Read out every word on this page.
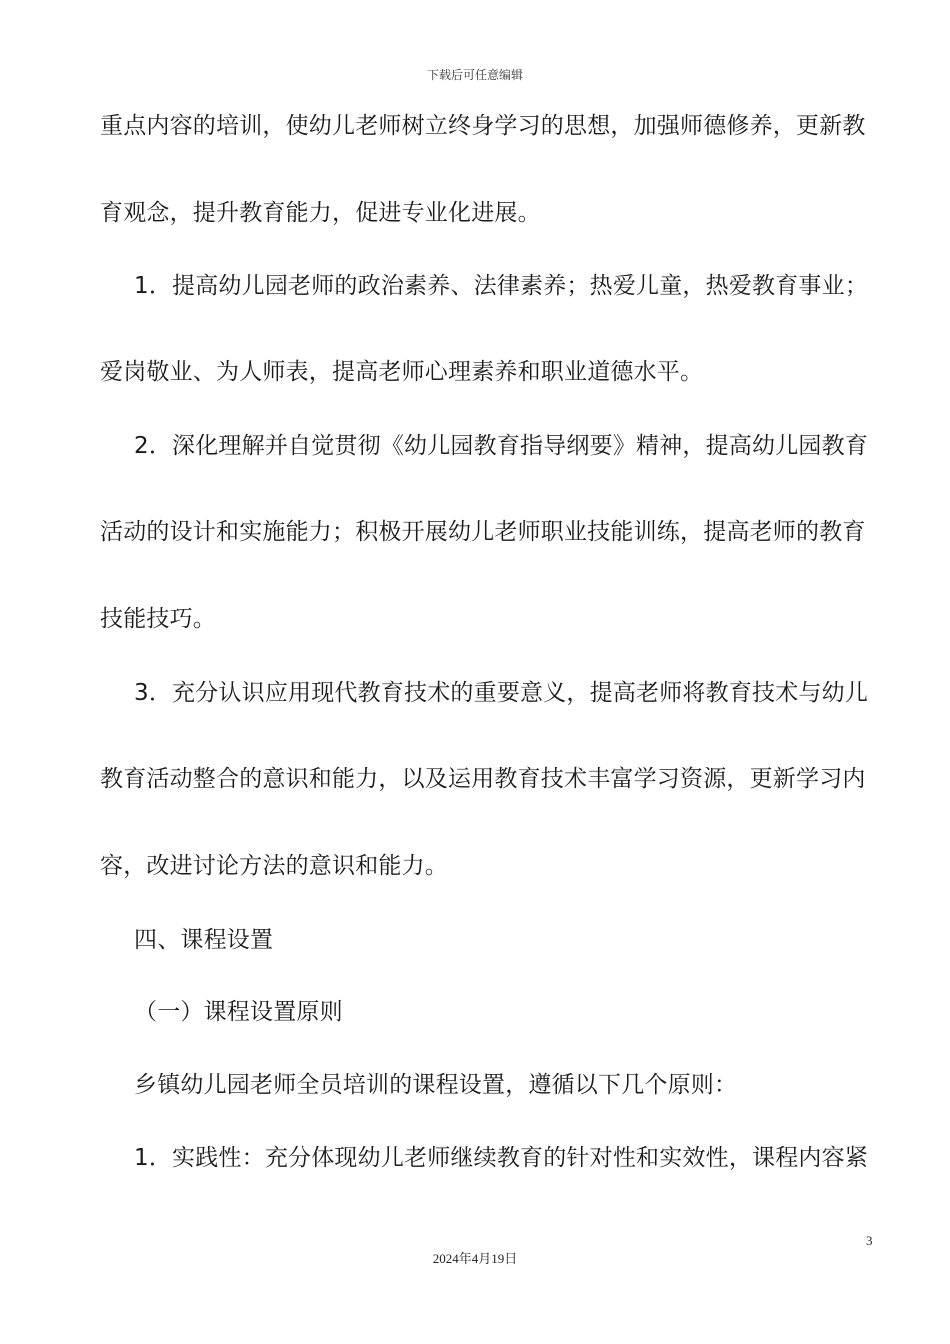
下载后可任意编辑
重点内容的培训，使幼儿老师树立终身学习的思想，加强师德修养，更新教
育观念，提升教育能力，促进专业化进展。
1．提高幼儿园老师的政治素养、法律素养；热爱儿童，热爱教育事业；
爱岗敬业、为人师表，提高老师心理素养和职业道德水平。
2．深化理解并自觉贯彻《幼儿园教育指导纲要》精神，提高幼儿园教育
活动的设计和实施能力；积极开展幼儿老师职业技能训练，提高老师的教育
技能技巧。
3．充分认识应用现代教育技术的重要意义，提高老师将教育技术与幼儿
教育活动整合的意识和能力，以及运用教育技术丰富学习资源，更新学习内
容，改进讨论方法的意识和能力。
四、课程设置
（一）课程设置原则
乡镇幼儿园老师全员培训的课程设置，遵循以下几个原则：
1．实践性：充分体现幼儿老师继续教育的针对性和实效性，课程内容紧
3
2024年4月19日
